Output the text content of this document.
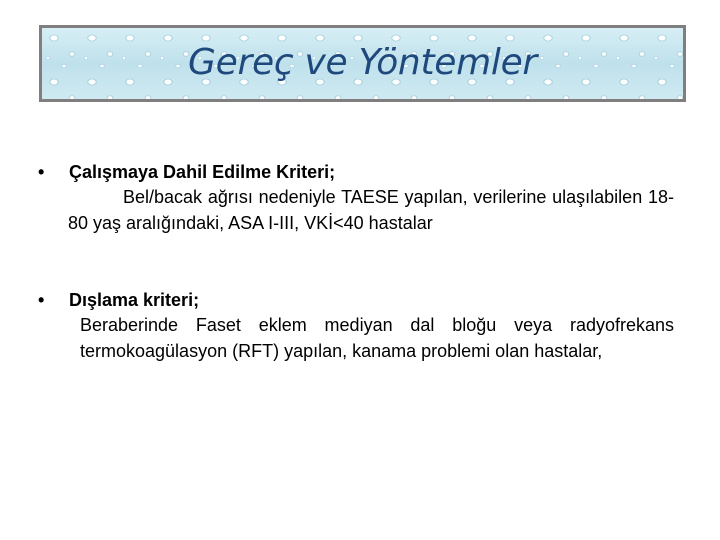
Gereç ve Yöntemler
• Çalışmaya Dahil Edilme Kriteri;

Bel/bacak ağrısı nedeniyle TAESE yapılan, verilerine ulaşılabilen 18-80 yaş aralığındaki, ASA I-III, VKİ<40 hastalar

• Dışlama kriteri;

Beraberinde Faset eklem mediyan dal bloğu veya radyofrekans termokoagülasyon (RFT) yapılan, kanama problemi olan hastalar,
